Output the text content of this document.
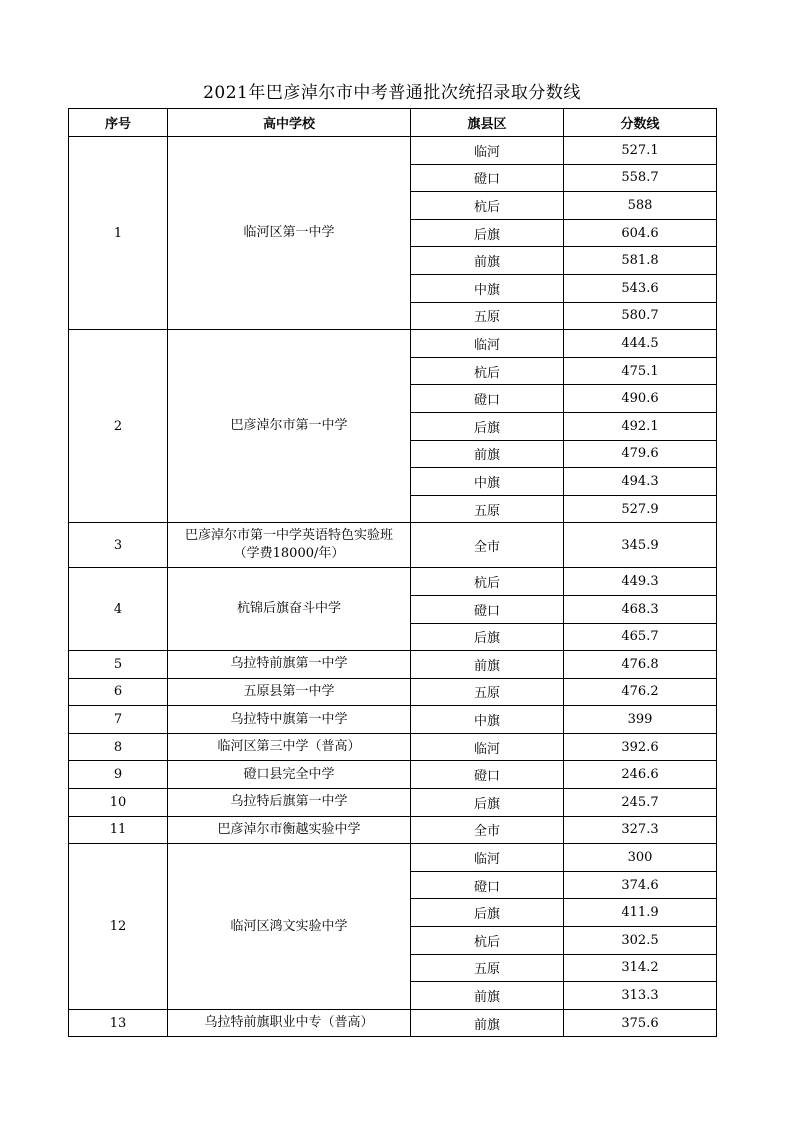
2021年巴彦淖尔市中考普通批次统招录取分数线
序号	高中学校	旗县区	分数线
1	临河区第一中学	临河	527.1
		磴口	558.7
		杭后	588
		后旗	604.6
		前旗	581.8
		中旗	543.6
		五原	580.7
2	巴彦淖尔市第一中学	临河	444.5
		杭后	475.1
		磴口	490.6
		后旗	492.1
		前旗	479.6
		中旗	494.3
		五原	527.9
3	巴彦淖尔市第一中学英语特色实验班
（学费18000/年）	全市	345.9
4	杭锦后旗奋斗中学	杭后	449.3
		磴口	468.3
		后旗	465.7
5	乌拉特前旗第一中学	前旗	476.8
6	五原县第一中学	五原	476.2
7	乌拉特中旗第一中学	中旗	399
8	临河区第三中学（普高）	临河	392.6
9	磴口县完全中学	磴口	246.6
10	乌拉特后旗第一中学	后旗	245.7
11	巴彦淖尔市衡越实验中学	全市	327.3
12	临河区鸿文实验中学	临河	300
		磴口	374.6
		后旗	411.9
		杭后	302.5
		五原	314.2
		前旗	313.3
13	乌拉特前旗职业中专（普高）	前旗	375.6
